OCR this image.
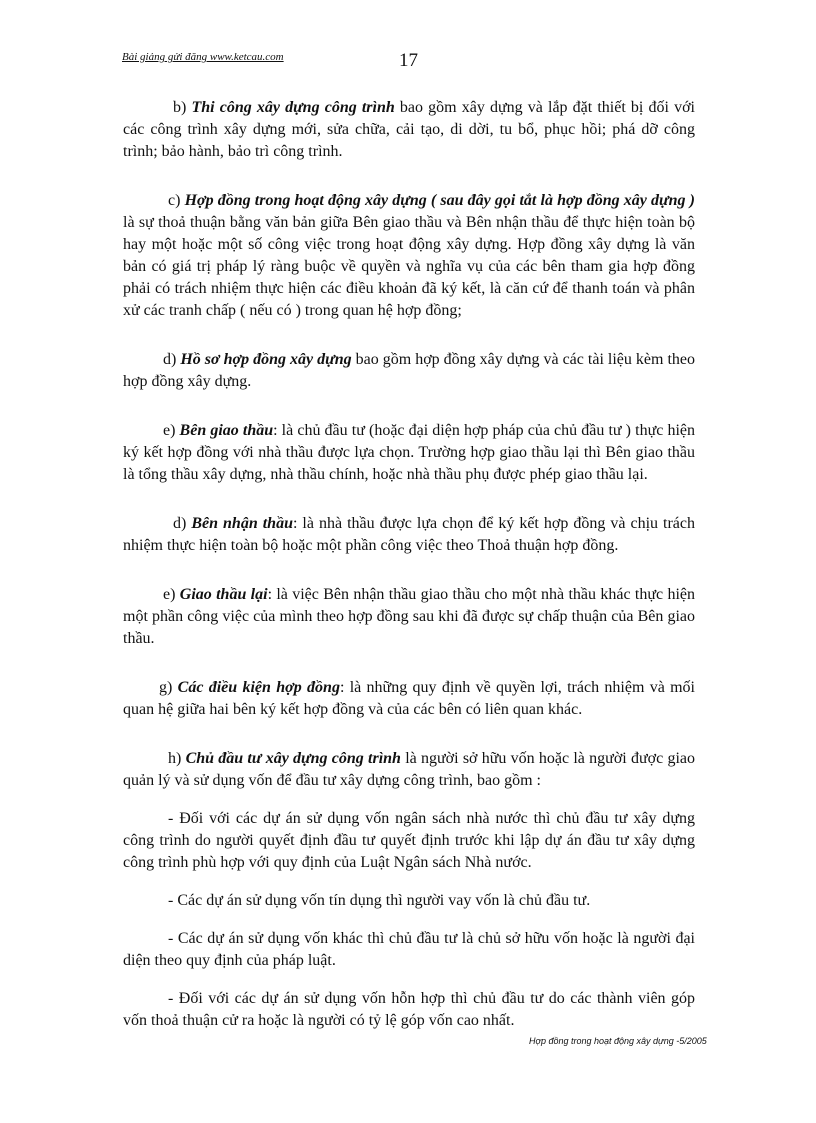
Bài giảng gửi đăng www.ketcau.com	17

b) Thi công xây dựng công trình bao gồm xây dựng và lắp đặt thiết bị đối với các công trình xây dựng mới, sửa chữa, cải tạo, di dời, tu bổ, phục hồi; phá dỡ công trình; bảo hành, bảo trì công trình.

c) Hợp đồng trong hoạt động xây dựng ( sau đây gọi tắt là hợp đồng xây dựng ) là sự thoả thuận bằng văn bản giữa Bên giao thầu và Bên nhận thầu để thực hiện toàn bộ hay một hoặc một số công việc trong hoạt động xây dựng. Hợp đồng xây dựng là văn bản có giá trị pháp lý ràng buộc về quyền và nghĩa vụ của các bên tham gia hợp đồng phải có trách nhiệm thực hiện các điều khoản đã ký kết, là căn cứ để thanh toán và phân xử các tranh chấp ( nếu có ) trong quan hệ hợp đồng;

d) Hồ sơ hợp đồng xây dựng bao gồm hợp đồng xây dựng và các tài liệu kèm theo hợp đồng xây dựng.

e) Bên giao thầu: là chủ đầu tư (hoặc đại diện hợp pháp của chủ đầu tư ) thực hiện ký kết hợp đồng với nhà thầu được lựa chọn. Trường hợp giao thầu lại thì Bên giao thầu là tổng thầu xây dựng, nhà thầu chính, hoặc nhà thầu phụ được phép giao thầu lại.

d) Bên nhận thầu: là nhà thầu được lựa chọn để ký kết hợp đồng và chịu trách nhiệm thực hiện toàn bộ hoặc một phần công việc theo Thoả thuận hợp đồng.

e) Giao thầu lại: là việc Bên nhận thầu giao thầu cho một nhà thầu khác thực hiện một phần công việc của mình theo hợp đồng sau khi đã được sự chấp thuận của Bên giao thầu.

g) Các điều kiện hợp đồng: là những quy định về quyền lợi, trách nhiệm và mối quan hệ giữa hai bên ký kết hợp đồng và của các bên có liên quan khác.

h) Chủ đầu tư xây dựng công trình là người sở hữu vốn hoặc là người được giao quản lý và sử dụng vốn để đầu tư xây dựng công trình, bao gồm :

- Đối với các dự án sử dụng vốn ngân sách nhà nước thì chủ đầu tư xây dựng công trình do người quyết định đầu tư quyết định trước khi lập dự án đầu tư xây dựng công trình phù hợp với quy định của Luật Ngân sách Nhà nước.

- Các dự án sử dụng vốn tín dụng thì người vay vốn là chủ đầu tư.

- Các dự án sử dụng vốn khác thì chủ đầu tư là chủ sở hữu vốn hoặc là người đại diện theo quy định của pháp luật.

- Đối với các dự án sử dụng vốn hỗn hợp thì chủ đầu tư do các thành viên góp vốn thoả thuận cử ra hoặc là người có tỷ lệ góp vốn cao nhất.

Hợp đồng trong hoạt động xây dựng -5/2005
